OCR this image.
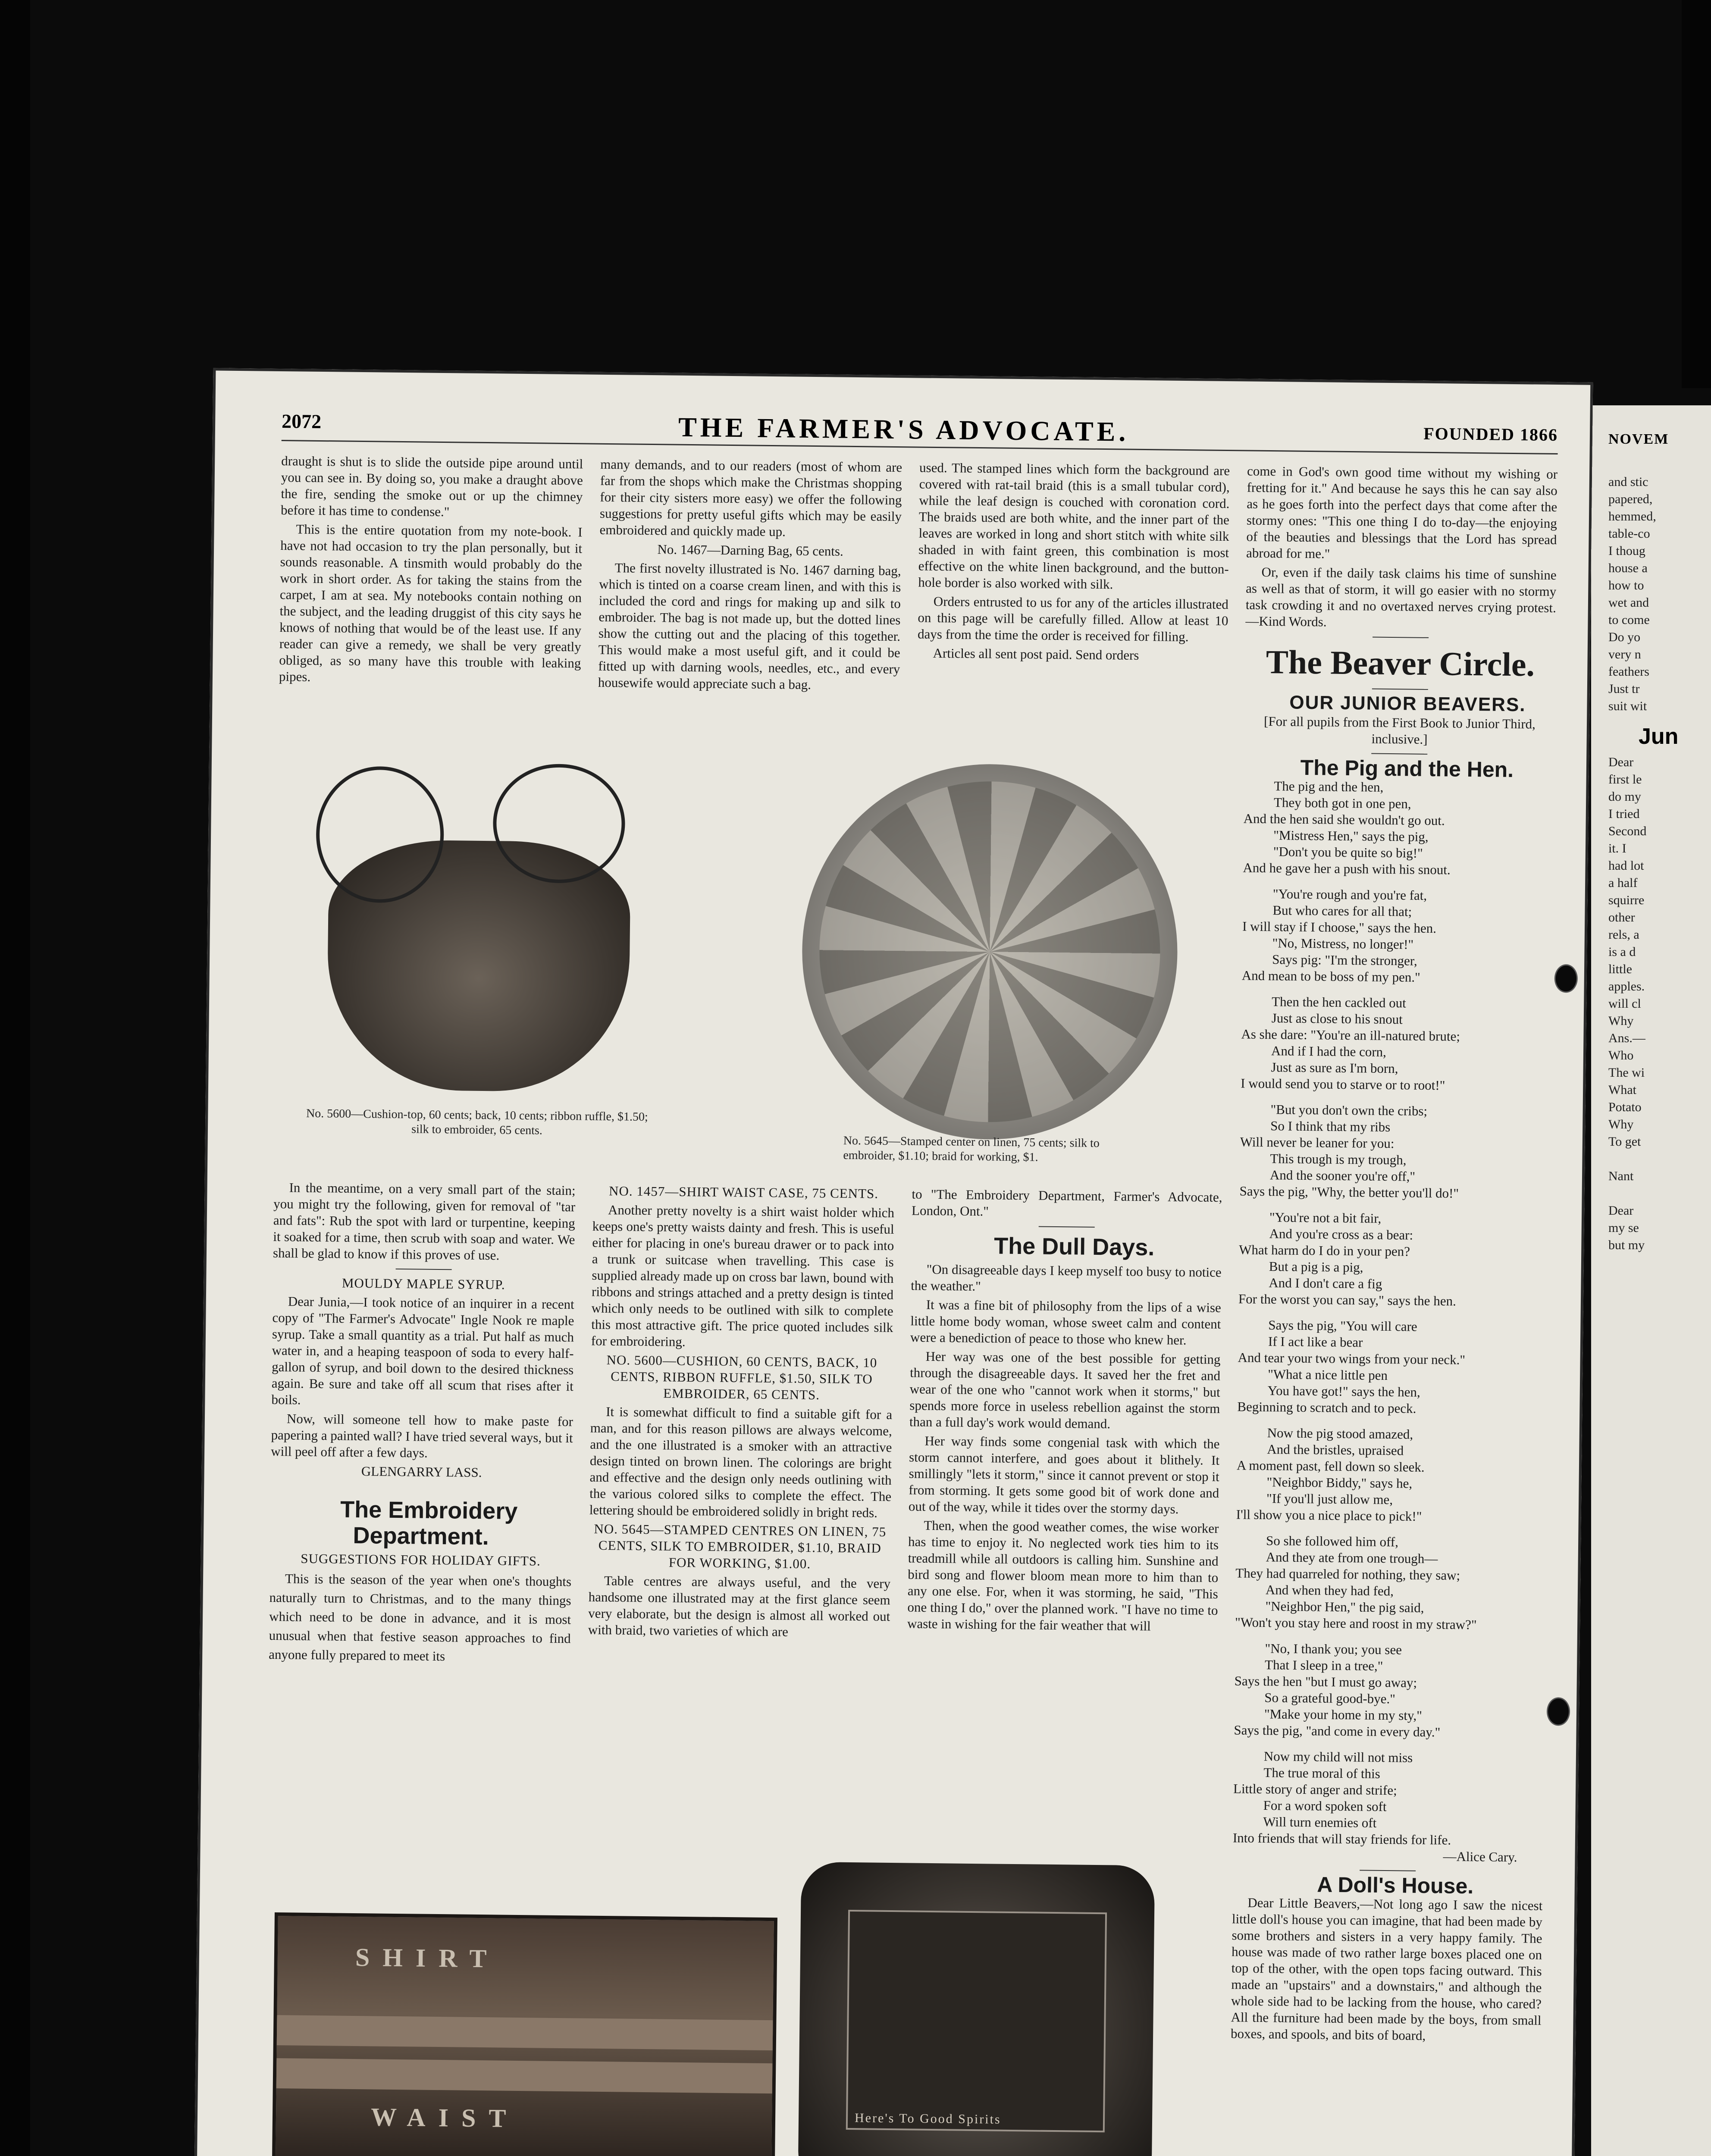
NOVEM
and stic
papered,
hemmed,
table-co
I thoug
house a
how to
wet and
to come
Do yo
very n
feathers
Just tr
suit wit
Jun
Dear
first le
do my
I tried
Second
it. I
had lot
a half
squirre
other
rels, a
is a d
little
apples.
will cl
Why
Ans.—
Who
The wi
What
Potato
Why
To get

Nant

Dear
my se
but my
2072	THE FARMER'S ADVOCATE.	FOUNDED 1866

draught is shut is to slide the outside pipe around until you can see in. By doing so, you make a draught above the fire, sending the smoke out or up the chimney before it has time to condense."

This is the entire quotation from my note-book. I have not had occasion to try the plan personally, but it sounds reasonable. A tinsmith would probably do the work in short order. As for taking the stains from the carpet, I am at sea. My notebooks contain nothing on the subject, and the leading druggist of this city says he knows of nothing that would be of the least use. If any reader can give a remedy, we shall be very greatly obliged, as so many have this trouble with leaking pipes.

many demands, and to our readers (most of whom are far from the shops which make the Christmas shopping for their city sisters more easy) we offer the following suggestions for pretty useful gifts which may be easily embroidered and quickly made up.

No. 1467—Darning Bag, 65 cents.

The first novelty illustrated is No. 1467 darning bag, which is tinted on a coarse cream linen, and with this is included the cord and rings for making up and silk to embroider. The bag is not made up, but the dotted lines show the cutting out and the placing of this together. This would make a most useful gift, and it could be fitted up with darning wools, needles, etc., and every housewife would appreciate such a bag.

used. The stamped lines which form the background are covered with rat-tail braid (this is a small tubular cord), while the leaf design is couched with coronation cord. The braids used are both white, and the inner part of the leaves are worked in long and short stitch with white silk shaded in with faint green, this combination is most effective on the white linen background, and the button-hole border is also worked with silk.

Orders entrusted to us for any of the articles illustrated on this page will be carefully filled. Allow at least 10 days from the time the order is received for filling.

Articles all sent post paid. Send orders

No. 5600—Cushion-top, 60 cents; back, 10 cents; ribbon ruffle, $1.50; silk to embroider, 65 cents.
No. 5645—Stamped center on linen, 75 cents; silk to embroider, $1.10; braid for working, $1.

In the meantime, on a very small part of the stain; you might try the following, given for removal of "tar and fats": Rub the spot with lard or turpentine, keeping it soaked for a time, then scrub with soap and water. We shall be glad to know if this proves of use.

MOULDY MAPLE SYRUP.

Dear Junia,—I took notice of an inquirer in a recent copy of "The Farmer's Advocate" Ingle Nook re maple syrup. Take a small quantity as a trial. Put half as much water in, and a heaping teaspoon of soda to every half-gallon of syrup, and boil down to the desired thickness again. Be sure and take off all scum that rises after it boils.

Now, will someone tell how to make paste for papering a painted wall? I have tried several ways, but it will peel off after a few days.

GLENGARRY LASS.

The Embroidery Department.

SUGGESTIONS FOR HOLIDAY GIFTS.

This is the season of the year when one's thoughts naturally turn to Christmas, and to the many things which need to be done in advance, and it is most unusual when that festive season approaches to find anyone fully prepared to meet its

NO. 1457—SHIRT WAIST CASE, 75 CENTS.

Another pretty novelty is a shirt waist holder which keeps one's pretty waists dainty and fresh. This is useful either for placing in one's bureau drawer or to pack into a trunk or suitcase when travelling. This case is supplied already made up on cross bar lawn, bound with ribbons and strings attached and a pretty design is tinted which only needs to be outlined with silk to complete this most attractive gift. The price quoted includes silk for embroidering.

NO. 5600—CUSHION, 60 CENTS, BACK, 10 CENTS, RIBBON RUFFLE, $1.50, SILK TO EMBROIDER, 65 CENTS.

It is somewhat difficult to find a suitable gift for a man, and for this reason pillows are always welcome, and the one illustrated is a smoker with an attractive design tinted on brown linen. The colorings are bright and effective and the design only needs outlining with the various colored silks to complete the effect. The lettering should be embroidered solidly in bright reds.

NO. 5645—STAMPED CENTRES ON LINEN, 75 CENTS, SILK TO EMBROIDER, $1.10, BRAID FOR WORKING, $1.00.

Table centres are always useful, and the very handsome one illustrated may at the first glance seem very elaborate, but the design is almost all worked out with braid, two varieties of which are

to "The Embroidery Department, Farmer's Advocate, London, Ont."

The Dull Days.

"On disagreeable days I keep myself too busy to notice the weather."

It was a fine bit of philosophy from the lips of a wise little home body woman, whose sweet calm and content were a benediction of peace to those who knew her.

Her way was one of the best possible for getting through the disagreeable days. It saved her the fret and wear of the one who "cannot work when it storms," but spends more force in useless rebellion against the storm than a full day's work would demand.

Her way finds some congenial task with which the storm cannot interfere, and goes about it blithely. It smillingly "lets it storm," since it cannot prevent or stop it from storming. It gets some good bit of work done and out of the way, while it tides over the stormy days.

Then, when the good weather comes, the wise worker has time to enjoy it. No neglected work ties him to its treadmill while all outdoors is calling him. Sunshine and bird song and flower bloom mean more to him than to any one else. For, when it was storming, he said, "This one thing I do," over the planned work. "I have no time to waste in wishing for the fair weather that will

come in God's own good time without my wishing or fretting for it." And because he says this he can say also as he goes forth into the perfect days that come after the stormy ones: "This one thing I do to-day—the enjoying of the beauties and blessings that the Lord has spread abroad for me."

Or, even if the daily task claims his time of sunshine as well as that of storm, it will go easier with no stormy task crowding it and no overtaxed nerves crying protest.—Kind Words.

The Beaver Circle.

OUR JUNIOR BEAVERS.

[For all pupils from the First Book to Junior Third, inclusive.]

The Pig and the Hen.

The pig and the hen,

They both got in one pen,

And the hen said she wouldn't go out.

"Mistress Hen," says the pig,

"Don't you be quite so big!"

And he gave her a push with his snout.

"You're rough and you're fat,

But who cares for all that;

I will stay if I choose," says the hen.

"No, Mistress, no longer!"

Says pig: "I'm the stronger,

And mean to be boss of my pen."

Then the hen cackled out

Just as close to his snout

As she dare: "You're an ill-natured brute;

And if I had the corn,

Just as sure as I'm born,

I would send you to starve or to root!"

"But you don't own the cribs;

So I think that my ribs

Will never be leaner for you:

This trough is my trough,

And the sooner you're off,"

Says the pig, "Why, the better you'll do!"

"You're not a bit fair,

And you're cross as a bear:

What harm do I do in your pen?

But a pig is a pig,

And I don't care a fig

For the worst you can say," says the hen.

Says the pig, "You will care

If I act like a bear

And tear your two wings from your neck."

"What a nice little pen

You have got!" says the hen,

Beginning to scratch and to peck.

Now the pig stood amazed,

And the bristles, upraised

A moment past, fell down so sleek.

"Neighbor Biddy," says he,

"If you'll just allow me,

I'll show you a nice place to pick!"

So she followed him off,

And they ate from one trough—

They had quarreled for nothing, they saw;

And when they had fed,

"Neighbor Hen," the pig said,

"Won't you stay here and roost in my straw?"

"No, I thank you; you see

That I sleep in a tree,"

Says the hen "but I must go away;

So a grateful good-bye."

"Make your home in my sty,"

Says the pig, "and come in every day."

Now my child will not miss

The true moral of this

Little story of anger and strife;

For a word spoken soft

Will turn enemies oft

Into friends that will stay friends for life.

—Alice Cary.

A Doll's House.

Dear Little Beavers,—Not long ago I saw the nicest little doll's house you can imagine, that had been made by some brothers and sisters in a very happy family. The house was made of two rather large boxes placed one on top of the other, with the open tops facing outward. This made an "upstairs" and a downstairs," and although the whole side had to be lacking from the house, who cared? All the furniture had been made by the boys, from small boxes, and spools, and bits of board,

SHIRT
WAIST	Here's To Good Spirits
